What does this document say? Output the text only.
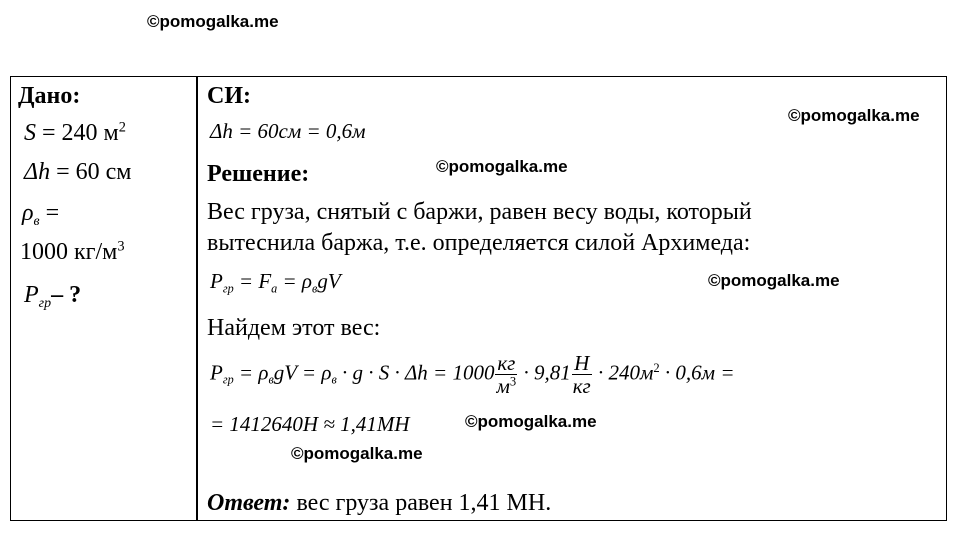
©pomogalka.me
©pomogalka.me
©pomogalka.me
©pomogalka.me
©pomogalka.me
©pomogalka.me
Дано:
S = 240 $м^2$
Δh = 60 см
$\rho_в$ =
1000 $кг/м^3$
$P_{гр}-$ ?
СИ:
Δh = 60см = 0,6м
Решение:
Вес груза, снятый с баржи, равен весу воды, который
вытеснила баржа, т.е. определяется силой Архимеда:
$P_{гр} = F_a = \rho_вgV$
Найдем этот вес:
$P_{гр} = \rho_вgV = \rho_в \cdot g \cdot S \cdot \Delta h = 1000 \frac{кг}{м^3} \cdot 9,81 \frac{H}{кг} \cdot 240м^2 \cdot 0,6м$ =
= 1412640H ≈ 1,41MH
Ответ: вес груза равен 1,41 МН.
